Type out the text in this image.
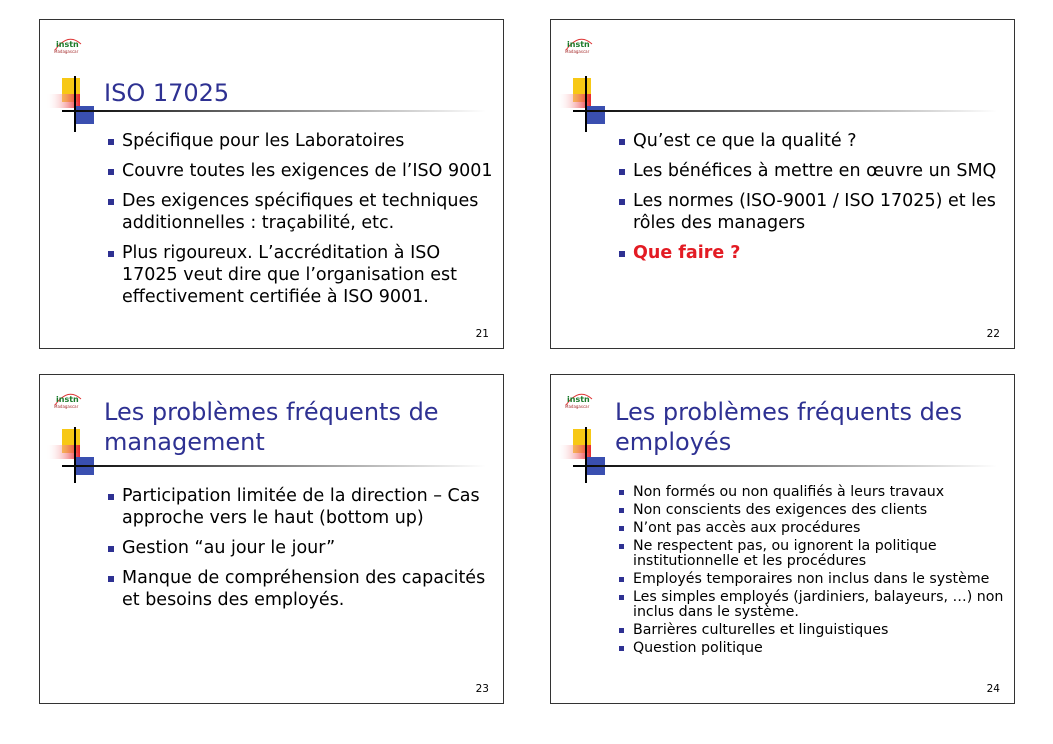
instn
Madagascar
ISO 17025
Spécifique pour les Laboratoires
Couvre toutes les exigences de l’ISO 9001
Des exigences spécifiques et techniques additionnelles : traçabilité, etc.
Plus rigoureux. L’accréditation à ISO 17025 veut dire que l’organisation est effectivement certifiée à ISO 9001.
21
instn
Madagascar
Qu’est ce que la qualité ?
Les bénéfices à mettre en œuvre un SMQ
Les normes (ISO-9001 / ISO 17025) et les rôles des managers
Que faire ?
22
instn
Madagascar Les problèmes fréquents de management
Participation limitée de la direction – Cas approche vers le haut (bottom up)
Gestion “au jour le jour”
Manque de compréhension des capacités et besoins des employés.
23
instn
Madagascar Les problèmes fréquents des employés
Non formés ou non qualifiés à leurs travaux
Non conscients des exigences des clients
N’ont pas accès aux procédures
Ne respectent pas, ou ignorent la politique institutionnelle et les procédures
Employés temporaires non inclus dans le système
Les simples employés (jardiniers, balayeurs, …) non inclus dans le système.
Barrières culturelles et linguistiques
Question politique
24
